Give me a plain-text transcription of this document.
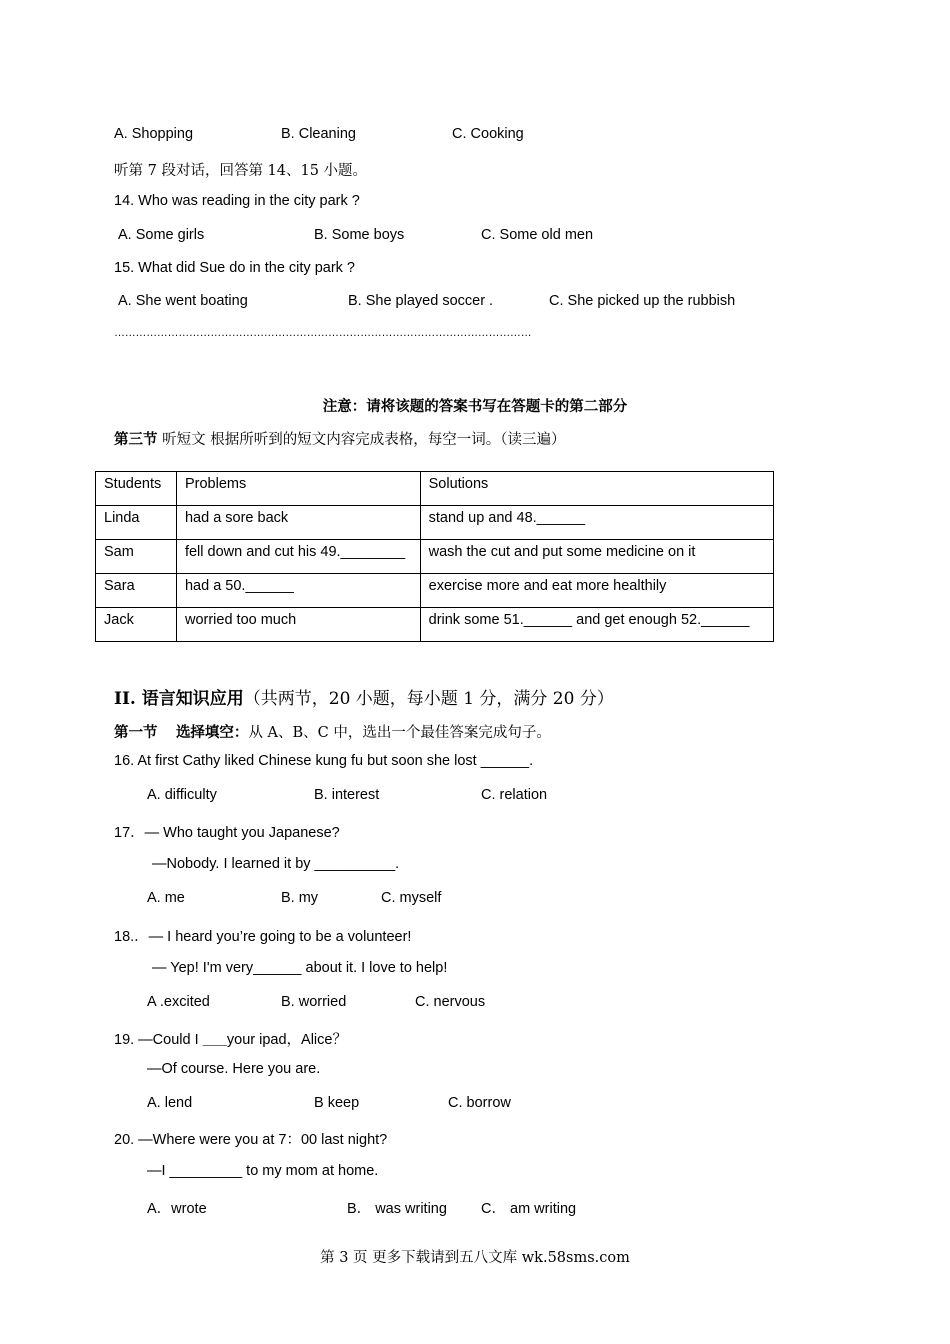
A. Shopping	B. Cleaning	C. Cooking
听第 7 段对话，回答第 14、15 小题。
14. Who was reading in the city park ?
A. Some girls	B. Some boys	C. Some old men
15. What did Sue do in the city park ?
A. She went boating	B. She played soccer .	C. She picked up the rubbish
………………………………………………………………………………………………………
注意：请将该题的答案书写在答题卡的第二部分
第三节 听短文 根据所听到的短文内容完成表格，每空一词。（读三遍）
Students	Problems	Solutions
Linda	had a sore back	stand up and 48.______
Sam	fell down and cut his 49.________	wash the cut and put some medicine on it
Sara	had a 50.______	exercise more and eat more healthily
Jack	worried too much	drink some 51.______ and get enough 52.______
II. 语言知识应用（共两节，20 小题，每小题 1 分，满分 20 分）
第一节 选择填空：从 A、B、C 中，选出一个最佳答案完成句子。
16. At first Cathy liked Chinese kung fu but soon she lost ______.
A. difficulty	B. interest	C. relation
17．— Who taught you Japanese?
—Nobody. I learned it by __________.
A. me	B. my	C. myself
18.．— I heard you’re going to be a volunteer!
— Yep! I'm very______ about it. I love to help!
A .excited	B. worried	C. nervous
19. —Could I ___your ipad，Alice？
—Of course. Here you are.
A. lend	B keep	C. borrow
20. —Where were you at 7：00 last night?
—I _________ to my mom at home.
A．wrote	B． was writing C． am writing
第 3 页 更多下载请到五八文库 wk.58sms.com
